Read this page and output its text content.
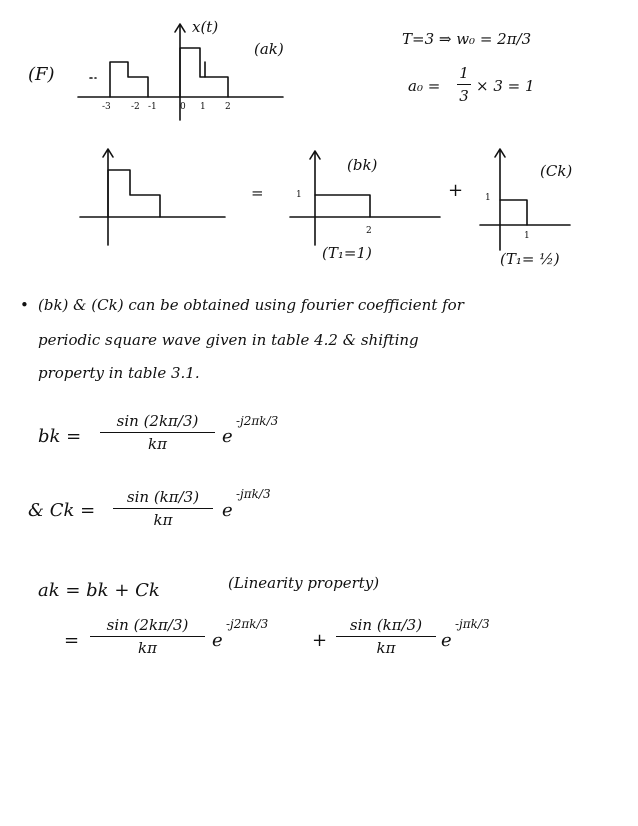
(F)
x(t)
(ak)
-3 -2 -1	0 1 2
T=3 ⇒ w₀ = 2π/3
a₀ =
1
3
× 3 = 1
=	+
(bk)	(Ck)
1	1
2	1
(T₁=1)	(T₁= ½)
• (bk) & (Ck) can be obtained using fourier coefficient for
periodic square wave given in table 4.2 & shifting
property in table 3.1.
bk =
sin (2kπ/3)
kπ	e
-j2πk/3
& Ck =
sin (kπ/3)
kπ	e
-jπk/3
ak = bk + Ck	(Linearity property)
=
sin (2kπ/3)
kπ	e
-j2πk/3
+
sin (kπ/3)
kπ	e
-jπk/3
